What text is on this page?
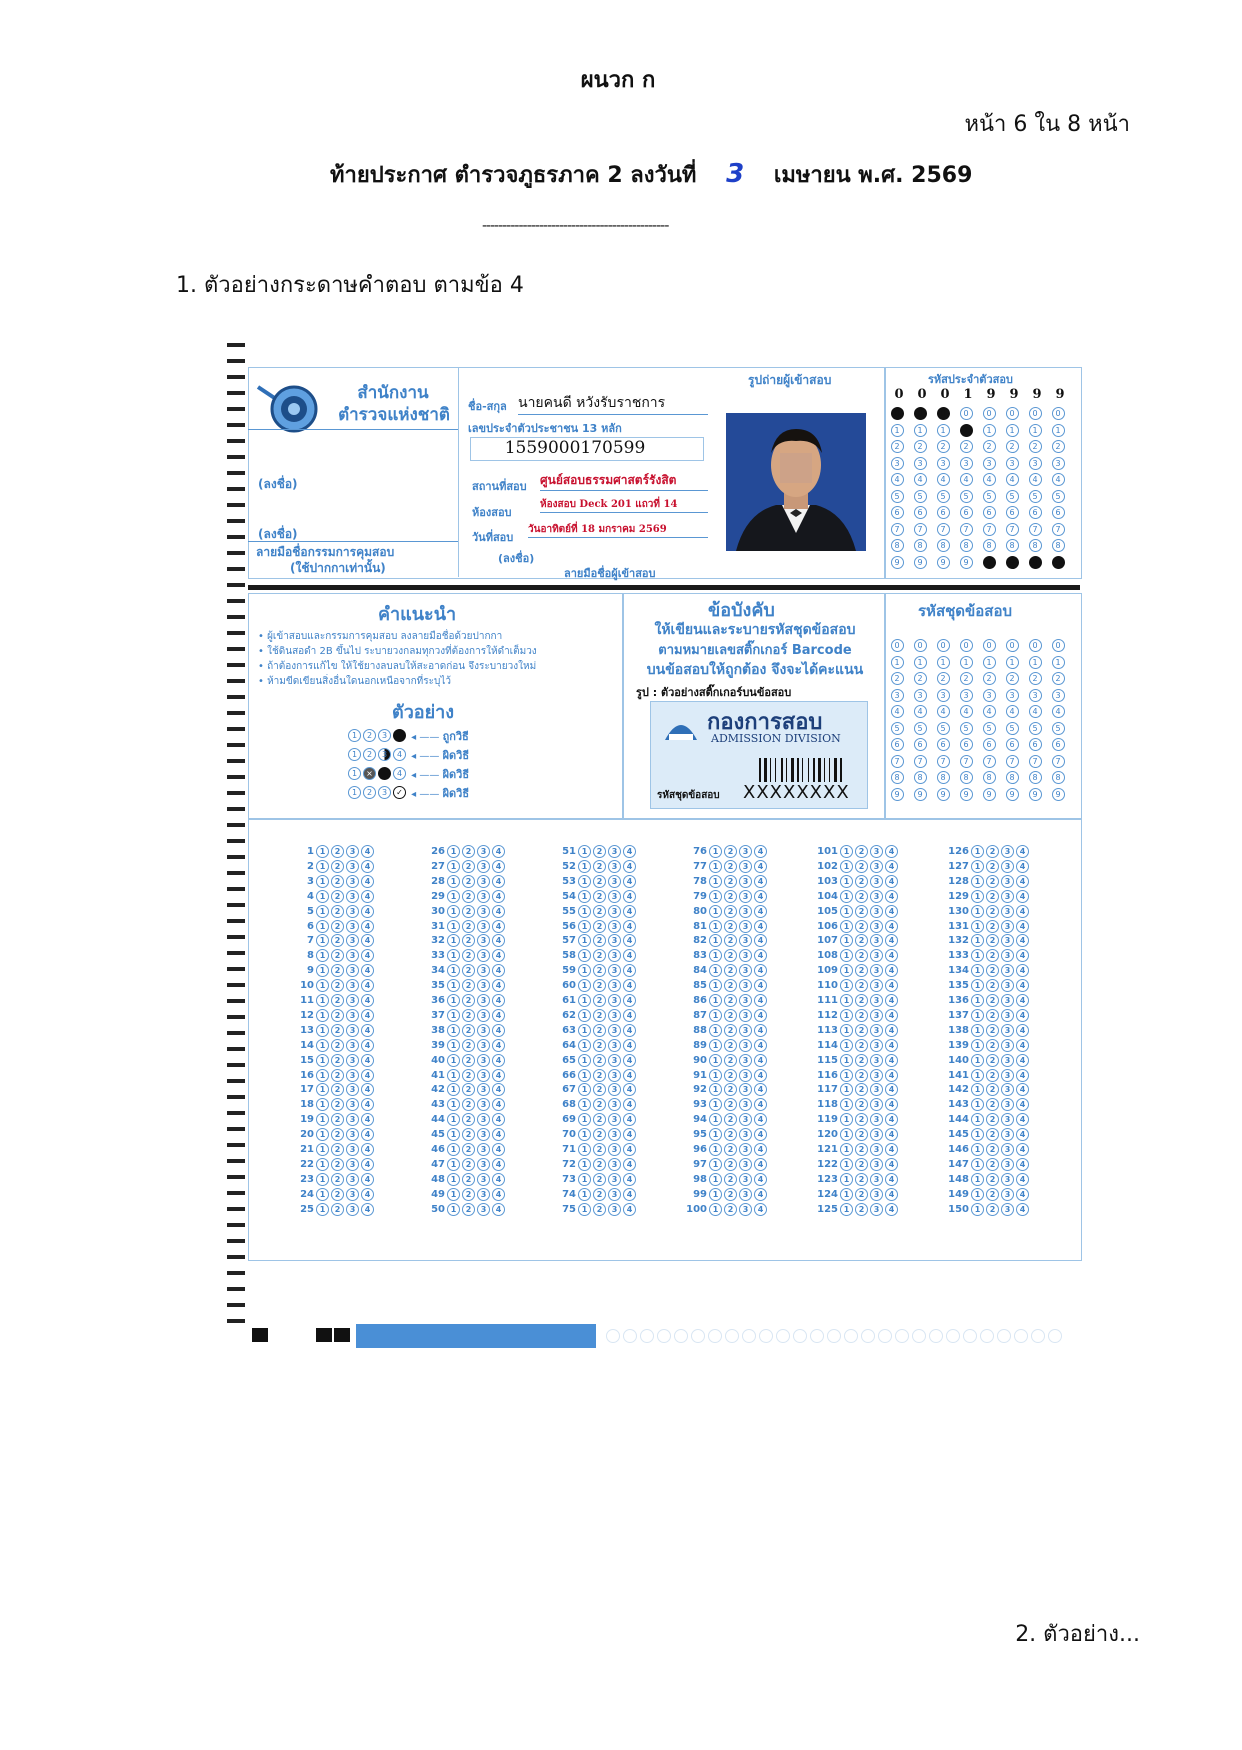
ผนวก ก
หน้า 6 ใน 8 หน้า
ท้ายประกาศ ตำรวจภูธรภาค 2 ลงวันที่ 3 เมษายน พ.ศ. 2569
----------------------------------------------
1. ตัวอย่างกระดาษคำตอบ ตามข้อ 4
สำนักงาน
ตำรวจแห่งชาติ
(ลงชื่อ)
(ลงชื่อ)
ลายมือชื่อกรรมการคุมสอบ
(ใช้ปากกาเท่านั้น)
ชื่อ-สกุล นายคนดี หวังรับราชการ
เลขประจำตัวประชาชน 13 หลัก
1559000170599
สถานที่สอบ ศูนย์สอบธรรมศาสตร์รังสิต
ห้องสอบ
ห้องสอบ Deck 201 แถวที่ 14
วันที่สอบ
วันอาทิตย์ที่ 18 มกราคม 2569
(ลงชื่อ)
ลายมือชื่อผู้เข้าสอบ
รูปถ่ายผู้เข้าสอบ	รหัสประจำตัวสอบ
0 0 0 1 9 9 9 9
0
1
2
3
4
5
6
7
8
9
0
1
2
3
4
5
6
7
8
9
0
1
2
3
4
5
6
7
8
9
0
1
2
3
4
5
6
7
8
9
0
1
2
3
4
5
6
7
8
9
0
1
2
3
4
5
6
7
8
9
0
1
2
3
4
5
6
7
8
9
0
1
2
3
4
5
6
7
8
9
คำแนะนำ
• ผู้เข้าสอบและกรรมการคุมสอบ ลงลายมือชื่อด้วยปากกา
• ใช้ดินสอดำ 2B ขึ้นไป ระบายวงกลมทุกวงที่ต้องการให้ดำเต็มวง
• ถ้าต้องการแก้ไข ให้ใช้ยางลบลบให้สะอาดก่อน จึงระบายวงใหม่
• ห้ามขีดเขียนสิ่งอื่นใดนอกเหนือจากที่ระบุไว้
ตัวอย่าง
1 2 3 ◂ —— ถูกวิธี
1 2 3 4 ◂ —— ผิดวิธี
1 ×	4 ◂ —— ผิดวิธี
1 2 3 ✓ ◂ —— ผิดวิธี
ข้อบังคับ
ให้เขียนและระบายรหัสชุดข้อสอบ
ตามหมายเลขสติ๊กเกอร์ Barcode
บนข้อสอบให้ถูกต้อง จึงจะได้คะแนน
รูป : ตัวอย่างสติ๊กเกอร์บนข้อสอบ
กองการสอบ
ADMISSION DIVISION
รหัสชุดข้อสอบ XXXXXXXX
รหัสชุดข้อสอบ
0
1
2
3
4
5
6
7
8
9
0
1
2
3
4
5
6
7
8
9
0
1
2
3
4
5
6
7
8
9
0
1
2
3
4
5
6
7
8
9
0
1
2
3
4
5
6
7
8
9
0
1
2
3
4
5
6
7
8
9
0
1
2
3
4
5
6
7
8
9
0
1
2
3
4
5
6
7
8
9
1 1 2 3 4
2 1 2 3 4
3 1 2 3 4
4 1 2 3 4
5 1 2 3 4
6 1 2 3 4
7 1 2 3 4
8 1 2 3 4
9 1 2 3 4
10 1 2 3 4
11 1 2 3 4
12 1 2 3 4
13 1 2 3 4
14 1 2 3 4
15 1 2 3 4
16 1 2 3 4
17 1 2 3 4
18 1 2 3 4
19 1 2 3 4
20 1 2 3 4
21 1 2 3 4
22 1 2 3 4
23 1 2 3 4
24 1 2 3 4
25 1 2 3 4
26 1 2 3 4
27 1 2 3 4
28 1 2 3 4
29 1 2 3 4
30 1 2 3 4
31 1 2 3 4
32 1 2 3 4
33 1 2 3 4
34 1 2 3 4
35 1 2 3 4
36 1 2 3 4
37 1 2 3 4
38 1 2 3 4
39 1 2 3 4
40 1 2 3 4
41 1 2 3 4
42 1 2 3 4
43 1 2 3 4
44 1 2 3 4
45 1 2 3 4
46 1 2 3 4
47 1 2 3 4
48 1 2 3 4
49 1 2 3 4
50 1 2 3 4
51 1 2 3 4
52 1 2 3 4
53 1 2 3 4
54 1 2 3 4
55 1 2 3 4
56 1 2 3 4
57 1 2 3 4
58 1 2 3 4
59 1 2 3 4
60 1 2 3 4
61 1 2 3 4
62 1 2 3 4
63 1 2 3 4
64 1 2 3 4
65 1 2 3 4
66 1 2 3 4
67 1 2 3 4
68 1 2 3 4
69 1 2 3 4
70 1 2 3 4
71 1 2 3 4
72 1 2 3 4
73 1 2 3 4
74 1 2 3 4
75 1 2 3 4
76 1 2 3 4
77 1 2 3 4
78 1 2 3 4
79 1 2 3 4
80 1 2 3 4
81 1 2 3 4
82 1 2 3 4
83 1 2 3 4
84 1 2 3 4
85 1 2 3 4
86 1 2 3 4
87 1 2 3 4
88 1 2 3 4
89 1 2 3 4
90 1 2 3 4
91 1 2 3 4
92 1 2 3 4
93 1 2 3 4
94 1 2 3 4
95 1 2 3 4
96 1 2 3 4
97 1 2 3 4
98 1 2 3 4
99 1 2 3 4
100 1 2 3 4
101 1 2 3 4
102 1 2 3 4
103 1 2 3 4
104 1 2 3 4
105 1 2 3 4
106 1 2 3 4
107 1 2 3 4
108 1 2 3 4
109 1 2 3 4
110 1 2 3 4
111 1 2 3 4
112 1 2 3 4
113 1 2 3 4
114 1 2 3 4
115 1 2 3 4
116 1 2 3 4
117 1 2 3 4
118 1 2 3 4
119 1 2 3 4
120 1 2 3 4
121 1 2 3 4
122 1 2 3 4
123 1 2 3 4
124 1 2 3 4
125 1 2 3 4
126 1 2 3 4
127 1 2 3 4
128 1 2 3 4
129 1 2 3 4
130 1 2 3 4
131 1 2 3 4
132 1 2 3 4
133 1 2 3 4
134 1 2 3 4
135 1 2 3 4
136 1 2 3 4
137 1 2 3 4
138 1 2 3 4
139 1 2 3 4
140 1 2 3 4
141 1 2 3 4
142 1 2 3 4
143 1 2 3 4
144 1 2 3 4
145 1 2 3 4
146 1 2 3 4
147 1 2 3 4
148 1 2 3 4
149 1 2 3 4
150 1 2 3 4
2. ตัวอย่าง...
